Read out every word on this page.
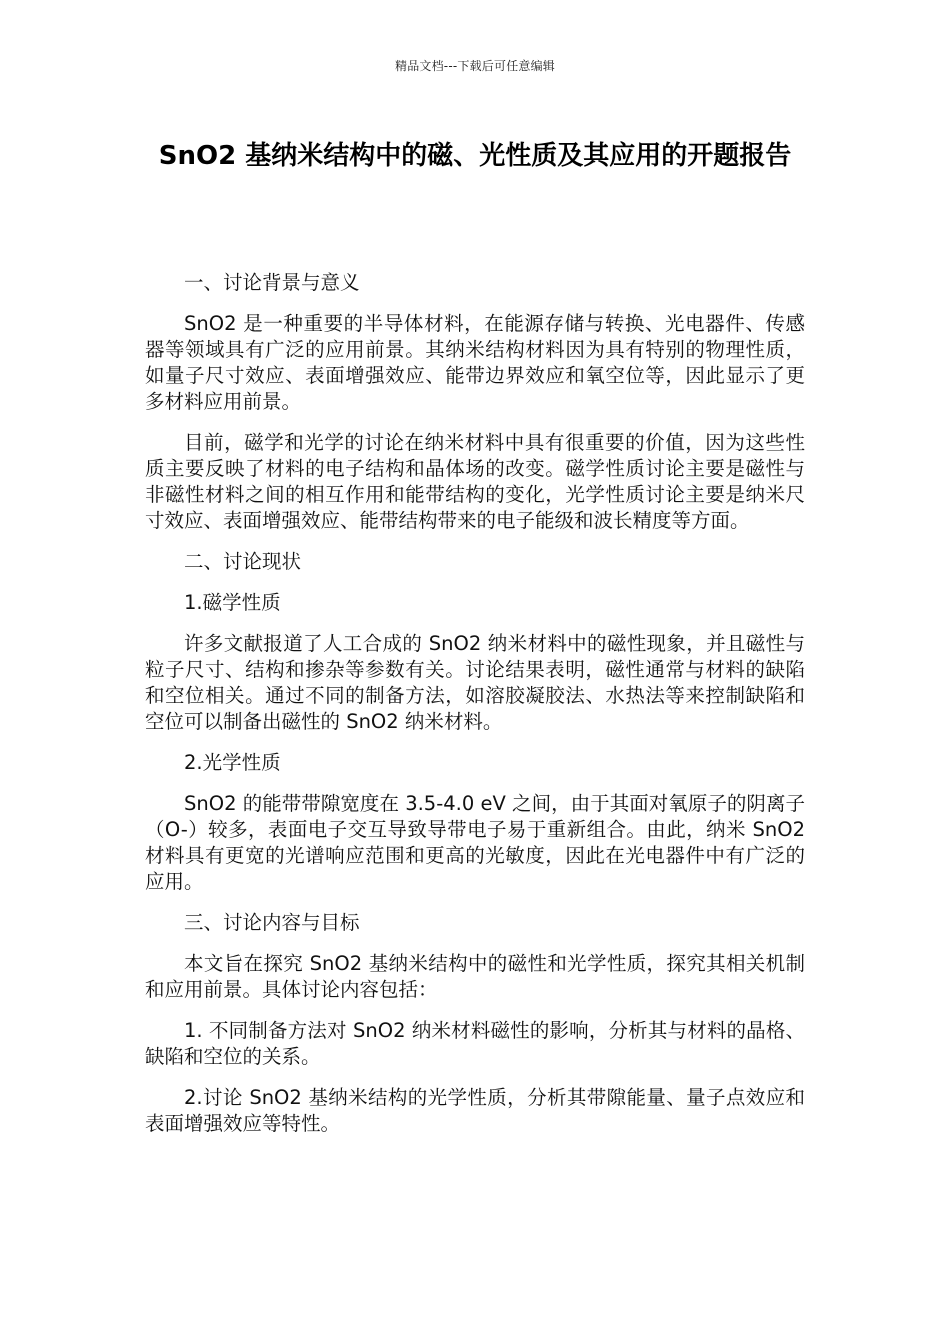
精品文档---下载后可任意编辑
SnO2 基纳米结构中的磁、光性质及其应用的开题报告

一、讨论背景与意义

SnO2 是一种重要的半导体材料，在能源存储与转换、光电器件、传感器等领域具有广泛的应用前景。其纳米结构材料因为具有特别的物理性质，如量子尺寸效应、表面增强效应、能带边界效应和氧空位等，因此显示了更多材料应用前景。

目前，磁学和光学的讨论在纳米材料中具有很重要的价值，因为这些性质主要反映了材料的电子结构和晶体场的改变。磁学性质讨论主要是磁性与非磁性材料之间的相互作用和能带结构的变化，光学性质讨论主要是纳米尺寸效应、表面增强效应、能带结构带来的电子能级和波长精度等方面。

二、讨论现状

1.磁学性质

许多文献报道了人工合成的 SnO2 纳米材料中的磁性现象，并且磁性与粒子尺寸、结构和掺杂等参数有关。讨论结果表明，磁性通常与材料的缺陷和空位相关。通过不同的制备方法，如溶胶凝胶法、水热法等来控制缺陷和空位可以制备出磁性的 SnO2 纳米材料。

2.光学性质

SnO2 的能带带隙宽度在 3.5-4.0 eV 之间，由于其面对氧原子的阴离子（O-）较多，表面电子交互导致导带电子易于重新组合。由此，纳米 SnO2 材料具有更宽的光谱响应范围和更高的光敏度，因此在光电器件中有广泛的应用。

三、讨论内容与目标

本文旨在探究 SnO2 基纳米结构中的磁性和光学性质，探究其相关机制和应用前景。具体讨论内容包括：

1. 不同制备方法对 SnO2 纳米材料磁性的影响，分析其与材料的晶格、缺陷和空位的关系。

2.讨论 SnO2 基纳米结构的光学性质，分析其带隙能量、量子点效应和表面增强效应等特性。
